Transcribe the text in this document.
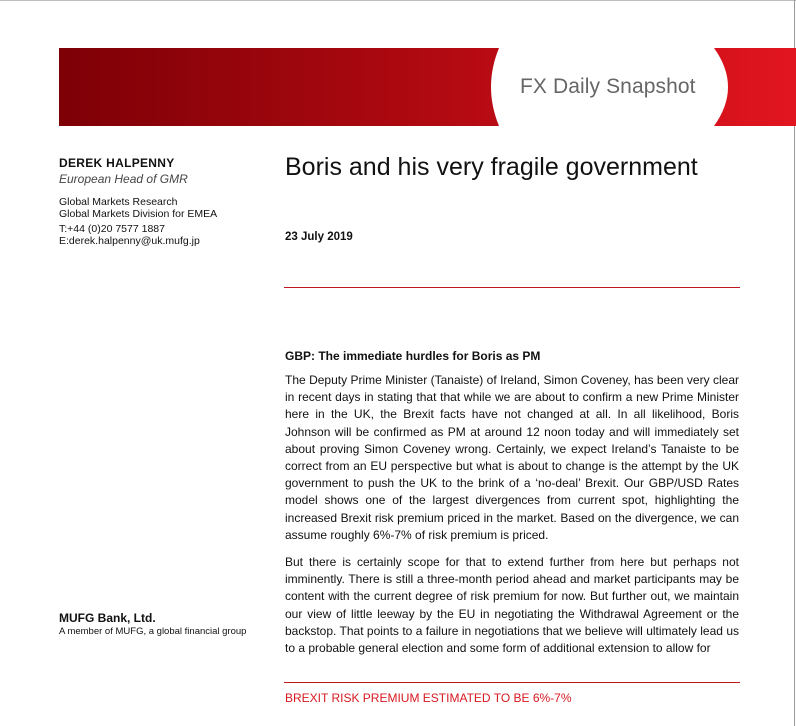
FX Daily Snapshot
DEREK HALPENNY
European Head of GMR
Global Markets Research
Global Markets Division for EMEA
T:+44 (0)20 7577 1887
E:derek.halpenny@uk.mufg.jp
MUFG Bank, Ltd.
A member of MUFG, a global financial group
Boris and his very fragile government
23 July 2019
GBP: The immediate hurdles for Boris as PM

The Deputy Prime Minister (Tanaiste) of Ireland, Simon Coveney, has been very clear in recent days in stating that that while we are about to confirm a new Prime Minister here in the UK, the Brexit facts have not changed at all. In all likelihood, Boris Johnson will be confirmed as PM at around 12 noon today and will immediately set about proving Simon Coveney wrong. Certainly, we expect Ireland’s Tanaiste to be correct from an EU perspective but what is about to change is the attempt by the UK government to push the UK to the brink of a ‘no-deal’ Brexit. Our GBP/USD Rates model shows one of the largest divergences from current spot, highlighting the increased Brexit risk premium priced in the market. Based on the divergence, we can assume roughly 6%-7% of risk premium is priced.

But there is certainly scope for that to extend further from here but perhaps not imminently. There is still a three-month period ahead and market participants may be content with the current degree of risk premium for now. But further out, we maintain our view of little leeway by the EU in negotiating the Withdrawal Agreement or the backstop. That points to a failure in negotiations that we believe will ultimately lead us to a probable general election and some form of additional extension to allow for

BREXIT RISK PREMIUM ESTIMATED TO BE 6%-7%
